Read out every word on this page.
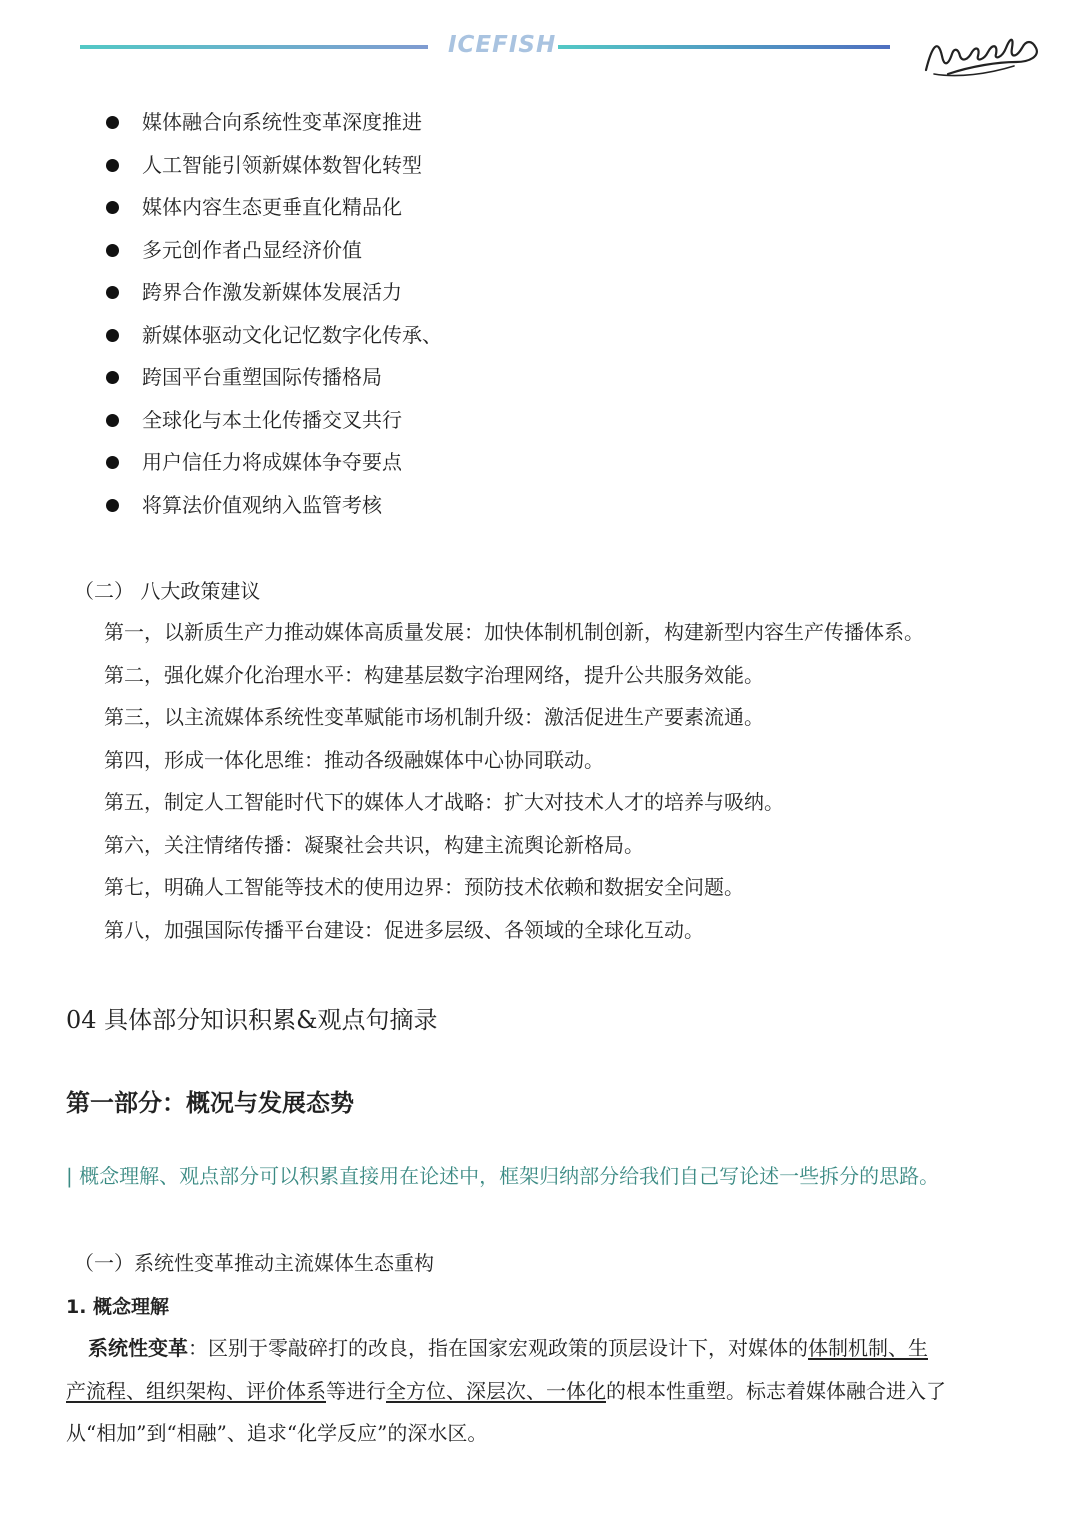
ICEFISH
媒体融合向系统性变革深度推进
人工智能引领新媒体数智化转型
媒体内容生态更垂直化精品化
多元创作者凸显经济价值
跨界合作激发新媒体发展活力
新媒体驱动文化记忆数字化传承、
跨国平台重塑国际传播格局
全球化与本土化传播交叉共行
用户信任力将成媒体争夺要点
将算法价值观纳入监管考核
（二） 八大政策建议

第一，以新质生产力推动媒体高质量发展：加快体制机制创新，构建新型内容生产传播体系。

第二，强化媒介化治理水平：构建基层数字治理网络，提升公共服务效能。

第三，以主流媒体系统性变革赋能市场机制升级：激活促进生产要素流通。

第四，形成一体化思维：推动各级融媒体中心协同联动。

第五，制定人工智能时代下的媒体人才战略：扩大对技术人才的培养与吸纳。

第六，关注情绪传播：凝聚社会共识，构建主流舆论新格局。

第七，明确人工智能等技术的使用边界：预防技术依赖和数据安全问题。

第八，加强国际传播平台建设：促进多层级、各领域的全球化互动。

04 具体部分知识积累&观点句摘录
第一部分：概况与发展态势
| 概念理解、观点部分可以积累直接用在论述中，框架归纳部分给我们自己写论述一些拆分的思路。
（一）系统性变革推动主流媒体生态重构
1. 概念理解
  系统性变革：区别于零敲碎打的改良，指在国家宏观政策的顶层设计下，对媒体的体制机制、生
产流程、组织架构、评价体系等进行全方位、深层次、一体化的根本性重塑。标志着媒体融合进入了
从“相加”到“相融”、追求“化学反应”的深水区。
